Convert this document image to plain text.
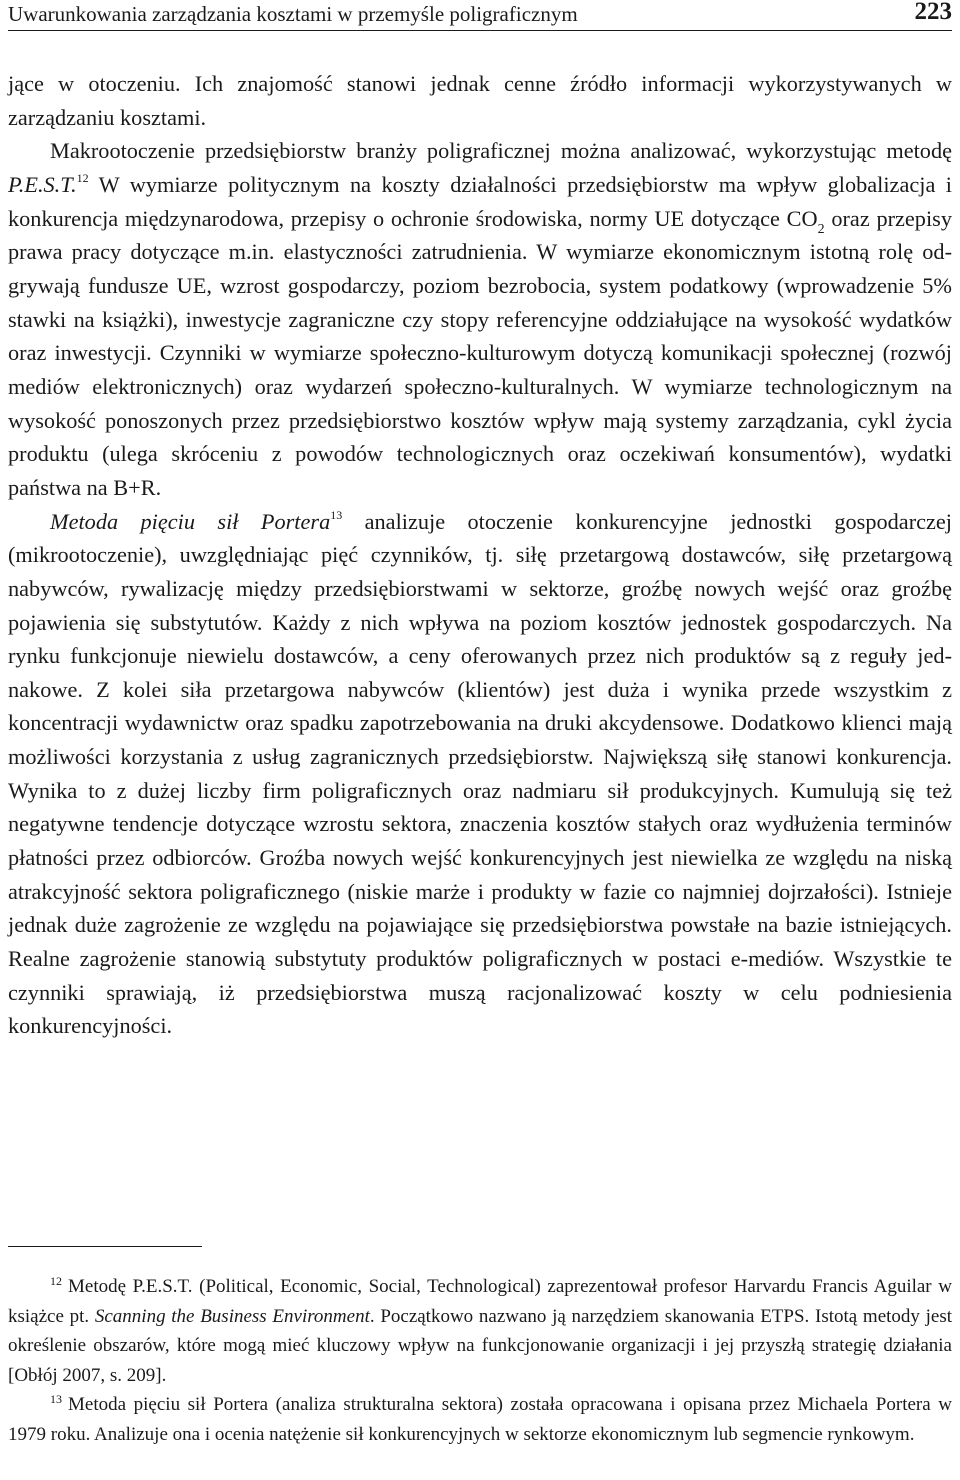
Uwarunkowania zarządzania kosztami w przemyśle poligraficznym	223

jące w otoczeniu. Ich znajomość stanowi jednak cenne źródło informacji wykorzystywanych w zarządzaniu kosztami.

Makrootoczenie przedsiębiorstw branży poligraficznej można analizować, wykorzystując metodę P.E.S.T.$^{12}$ W wymiarze politycznym na koszty działalności przedsiębiorstw ma wpływ globalizacja i konkurencja międzynarodowa, przepisy o ochronie środowiska, normy UE dotyczące $CO_2$ oraz przepisy prawa pracy dotyczące m.in. elastyczności zatrudnienia. W wymiarze ekonomicznym istotną rolę odgrywają fundusze UE, wzrost gospodarczy, poziom bezrobocia, system podatkowy (wprowadzenie 5% stawki na książki), inwestycje zagraniczne czy stopy referencyjne oddziałujące na wysokość wydatków oraz inwestycji. Czynniki w wymiarze społeczno-kulturowym dotyczą komunikacji społecznej (rozwój mediów elektronicznych) oraz wydarzeń społeczno-kulturalnych. W wymiarze technologicznym na wysokość ponoszonych przez przedsiębiorstwo kosztów wpływ mają systemy zarządzania, cykl życia produktu (ulega skróceniu z powodów technologicznych oraz oczekiwań konsumentów), wydatki państwa na B+R.

Metoda pięciu sił Portera$^{13}$ analizuje otoczenie konkurencyjne jednostki gospodarczej (mikrootoczenie), uwzględniając pięć czynników, tj. siłę przetargową dostawców, siłę przetargową nabywców, rywalizację między przedsiębiorstwami w sektorze, groźbę nowych wejść oraz groźbę pojawienia się substytutów. Każdy z nich wpływa na poziom kosztów jednostek gospodarczych. Na rynku funkcjonuje niewielu dostawców, a ceny oferowanych przez nich produktów są z reguły jednakowe. Z kolei siła przetargowa nabywców (klientów) jest duża i wynika przede wszystkim z koncentracji wydawnictw oraz spadku zapotrzebowania na druki akcydensowe. Dodatkowo klienci mają możliwości korzystania z usług zagranicznych przedsiębiorstw. Największą siłę stanowi konkurencja. Wynika to z dużej liczby firm poligraficznych oraz nadmiaru sił produkcyjnych. Kumulują się też negatywne tendencje dotyczące wzrostu sektora, znaczenia kosztów stałych oraz wydłużenia terminów płatności przez odbiorców. Groźba nowych wejść konkurencyjnych jest niewielka ze względu na niską atrakcyjność sektora poligraficznego (niskie marże i produkty w fazie co najmniej dojrzałości). Istnieje jednak duże zagrożenie ze względu na pojawiające się przedsiębiorstwa powstałe na bazie istniejących. Realne zagrożenie stanowią substytuty produktów poligraficznych w postaci e-mediów. Wszystkie te czynniki sprawiają, iż przedsiębiorstwa muszą racjonalizować koszty w celu podniesienia konkurencyjności.

$^{12}$ Metodę P.E.S.T. (Political, Economic, Social, Technological) zaprezentował profesor Harvardu Francis Aguilar w książce pt. Scanning the Business Environment. Początkowo nazwano ją narzędziem skanowania ETPS. Istotą metody jest określenie obszarów, które mogą mieć kluczowy wpływ na funkcjonowanie organizacji i jej przyszłą strategię działania [Obłój 2007, s. 209].

$^{13}$ Metoda pięciu sił Portera (analiza strukturalna sektora) została opracowana i opisana przez Michaela Portera w 1979 roku. Analizuje ona i ocenia natężenie sił konkurencyjnych w sektorze ekonomicznym lub segmencie rynkowym.
